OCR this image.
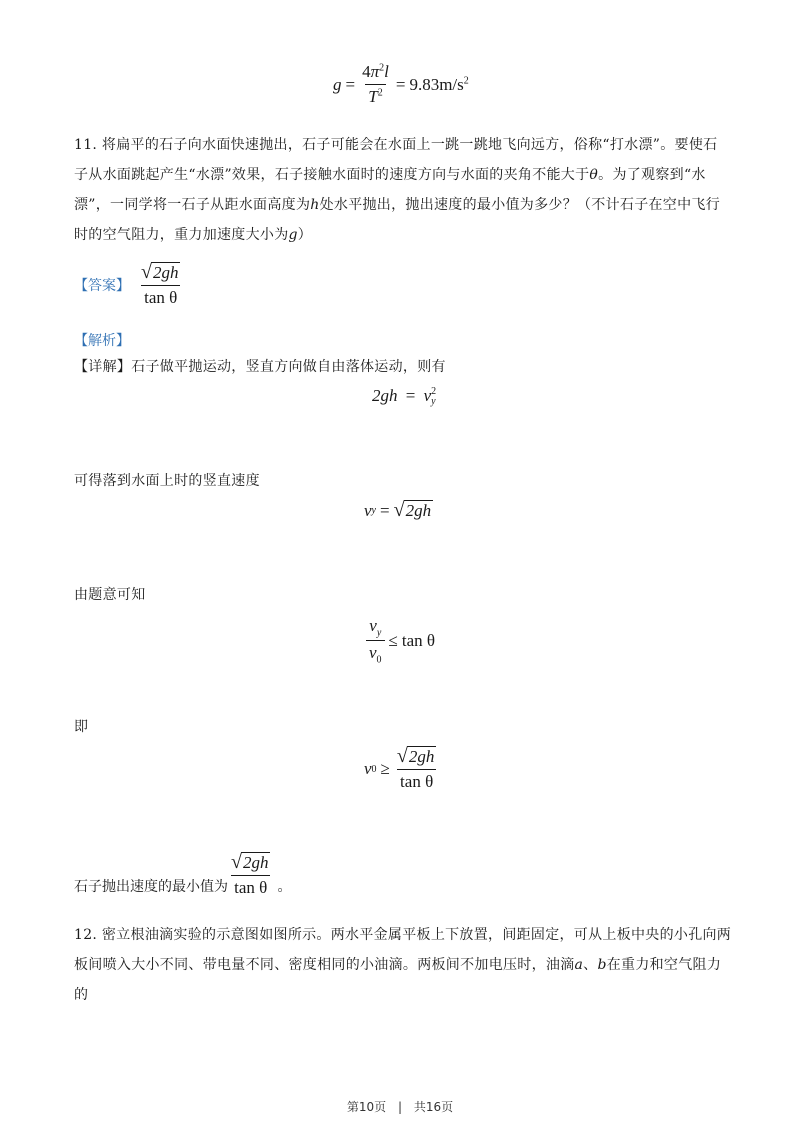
$g = \frac{4\pi^2l}{T^2} = 9.83m/s^2$
11. 将扁平的石子向水面快速抛出，石子可能会在水面上一跳一跳地飞向远方，俗称“打水漂”。要使石
子从水面跳起产生“水漂”效果，石子接触水面时的速度方向与水面的夹角不能大于θ。为了观察到“水
漂”，一同学将一石子从距水面高度为h处水平抛出，抛出速度的最小值为多少？（不计石子在空中飞行
时的空气阻力，重力加速度大小为g）
【答案】 $\frac{√ 2gh}{\text{tan θ}}$
【解析】
【详解】石子做平抛运动，竖直方向做自由落体运动，则有
2gh = v 2
y
可得落到水面上时的竖直速度
v y = √ 2gh
由题意可知
$\frac{v_y}{v_0} \le \tan \theta$
即
v $0 \ge \frac{√ 2gh}{\text{tan θ}}$
石子抛出速度的最小值为 $\frac{√ 2gh}{\text{tan θ}}$ 。
12. 密立根油滴实验的示意图如图所示。两水平金属平板上下放置，间距固定，可从上板中央的小孔向两
板间喷入大小不同、带电量不同、密度相同的小油滴。两板间不加电压时，油滴a、b在重力和空气阻力的
第10页 | 共16页
